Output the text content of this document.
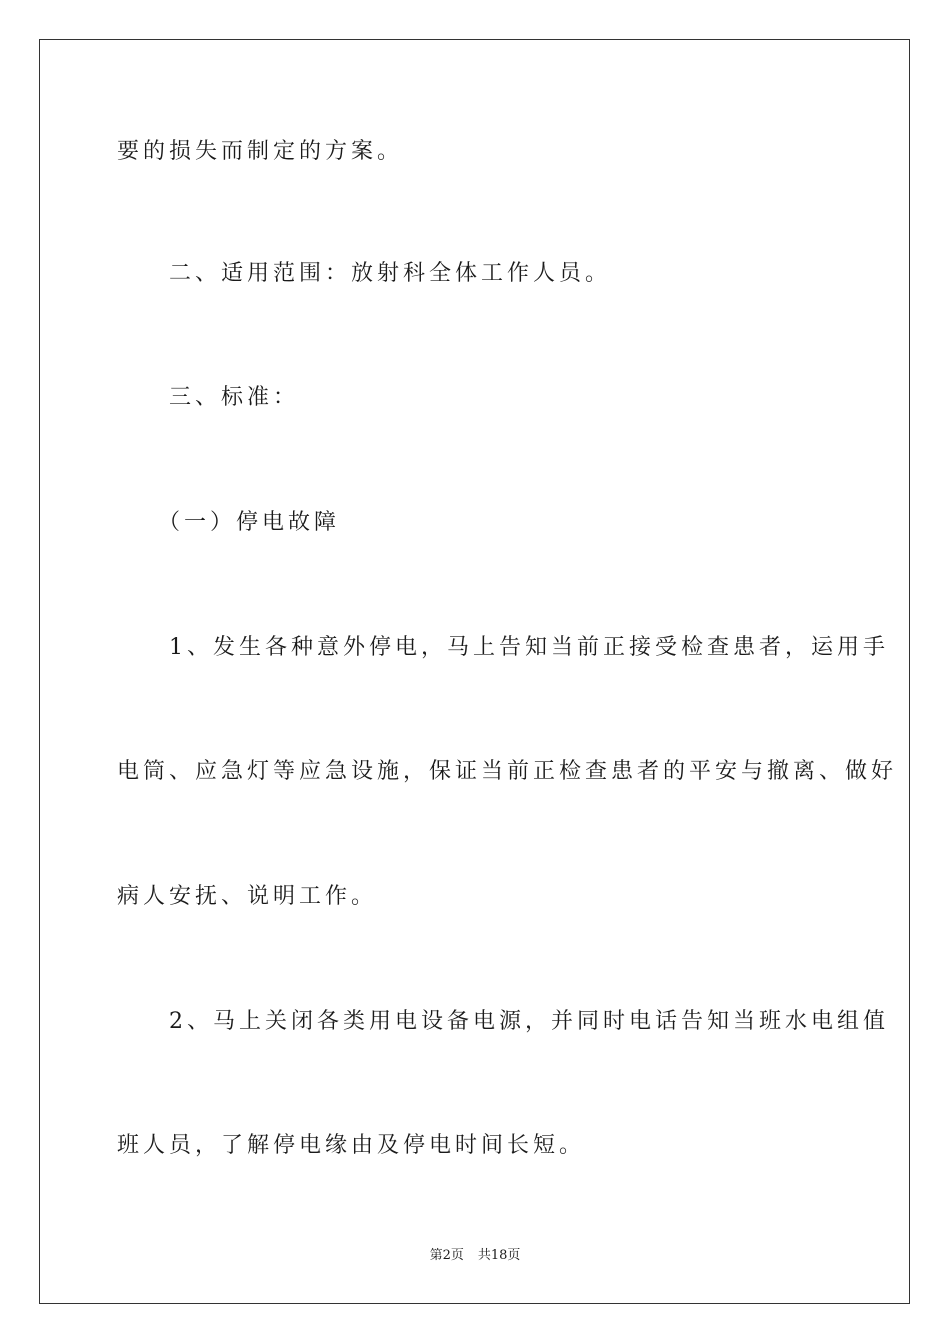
要的损失而制定的方案。

　　二、适用范围：放射科全体工作人员。

　　三、标准：

　　（一）停电故障

　　1、发生各种意外停电，马上告知当前正接受检查患者，运用手

电筒、应急灯等应急设施，保证当前正检查患者的平安与撤离、做好

病人安抚、说明工作。

　　2、马上关闭各类用电设备电源，并同时电话告知当班水电组值

班人员，了解停电缘由及停电时间长短。

第2页 共18页
